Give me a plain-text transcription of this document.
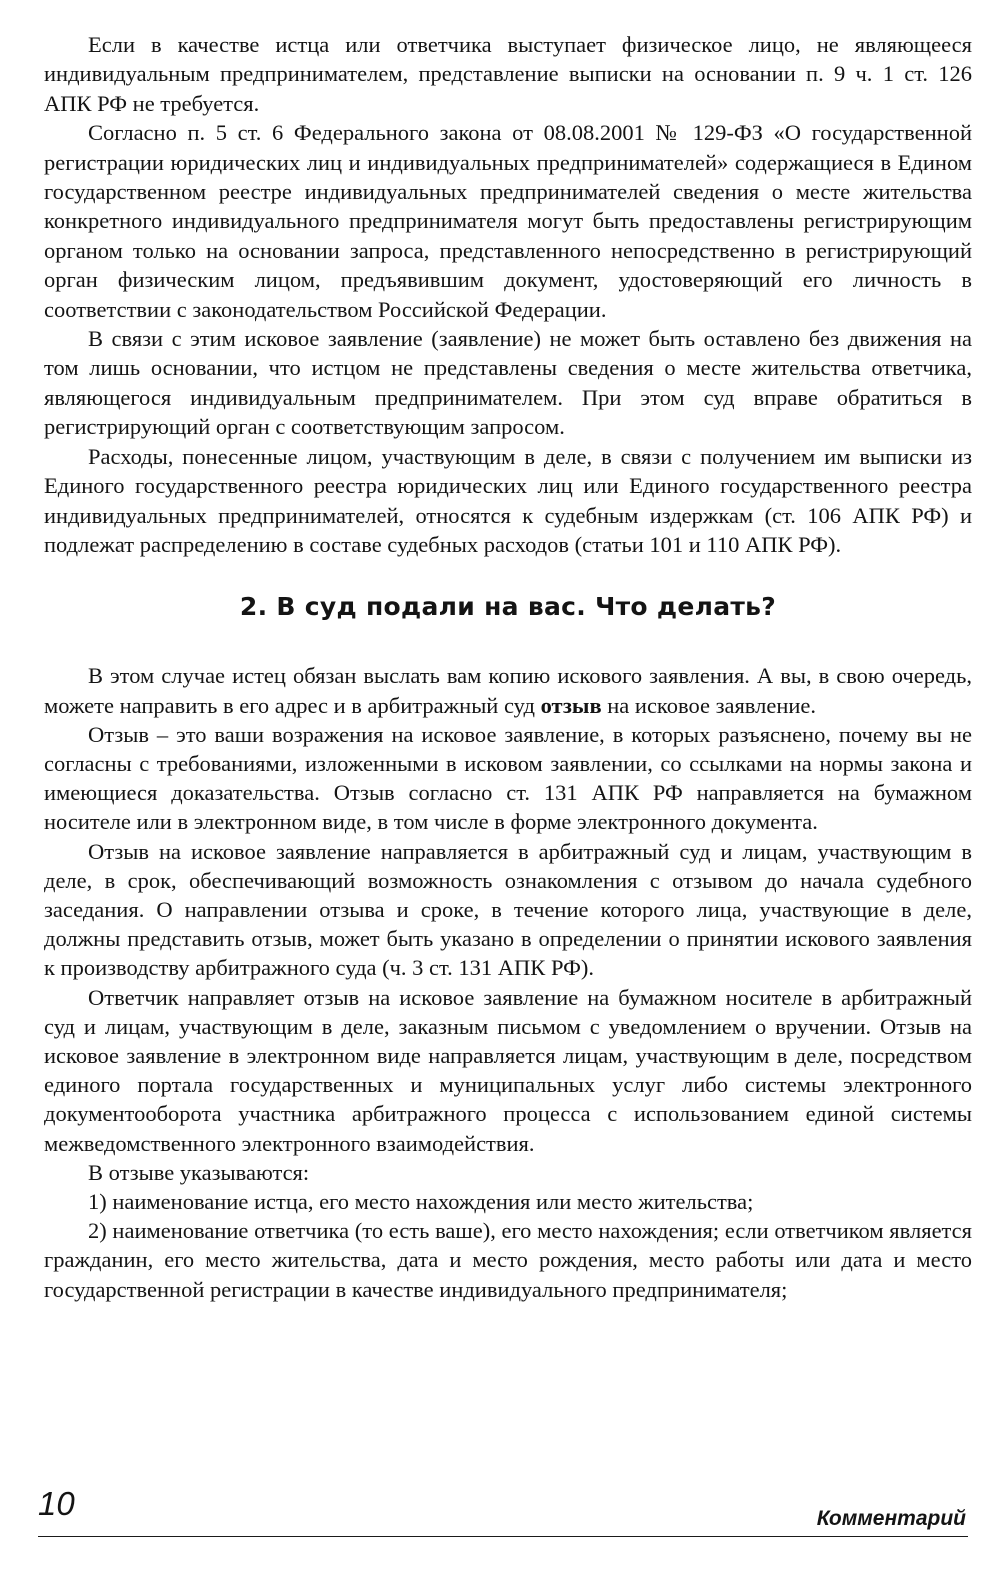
Если в качестве истца или ответчика выступает физическое лицо, не являющееся индивидуальным предпринимателем, представление выписки на основании п. 9 ч. 1 ст. 126 АПК РФ не требуется.

Согласно п. 5 ст. 6 Федерального закона от 08.08.2001 № 129-ФЗ «О государственной регистрации юридических лиц и индивидуальных предпринимателей» содержащиеся в Едином государственном реестре индивидуальных предпринимателей сведения о месте жительства конкретного индивидуального предпринимателя могут быть предоставлены регистрирующим органом только на основании запроса, представленного непосредственно в регистрирующий орган физическим лицом, предъявившим документ, удостоверяющий его личность в соответствии с законодательством Российской Федерации.

В связи с этим исковое заявление (заявление) не может быть оставлено без движения на том лишь основании, что истцом не представлены сведения о месте жительства ответчика, являющегося индивидуальным предпринимателем. При этом суд вправе обратиться в регистрирующий орган с соответствующим запросом.

Расходы, понесенные лицом, участвующим в деле, в связи с получением им выписки из Единого государственного реестра юридических лиц или Единого государственного реестра индивидуальных предпринимателей, относятся к судебным издержкам (ст. 106 АПК РФ) и подлежат распределению в составе судебных расходов (статьи 101 и 110 АПК РФ).

2. В суд подали на вас. Что делать?

В этом случае истец обязан выслать вам копию искового заявления. А вы, в свою очередь, можете направить в его адрес и в арбитражный суд отзыв на исковое заявление.

Отзыв – это ваши возражения на исковое заявление, в которых разъяснено, почему вы не согласны с требованиями, изложенными в исковом заявлении, со ссылками на нормы закона и имеющиеся доказательства. Отзыв согласно ст. 131 АПК РФ направляется на бумажном носителе или в электронном виде, в том числе в форме электронного документа.

Отзыв на исковое заявление направляется в арбитражный суд и лицам, участвующим в деле, в срок, обеспечивающий возможность ознакомления с отзывом до начала судебного заседания. О направлении отзыва и сроке, в течение которого лица, участвующие в деле, должны представить отзыв, может быть указано в определении о принятии искового заявления к производству арбитражного суда (ч. 3 ст. 131 АПК РФ).

Ответчик направляет отзыв на исковое заявление на бумажном носителе в арбитражный суд и лицам, участвующим в деле, заказным письмом с уведомлением о вручении. Отзыв на исковое заявление в электронном виде направляется лицам, участвующим в деле, посредством единого портала государственных и муниципальных услуг либо системы электронного документооборота участника арбитражного процесса с использованием единой системы межведомственного электронного взаимодействия.

В отзыве указываются:

1) наименование истца, его место нахождения или место жительства;

2) наименование ответчика (то есть ваше), его место нахождения; если ответчиком является гражданин, его место жительства, дата и место рождения, место работы или дата и место государственной регистрации в качестве индивидуального предпринимателя;

10	Комментарий
